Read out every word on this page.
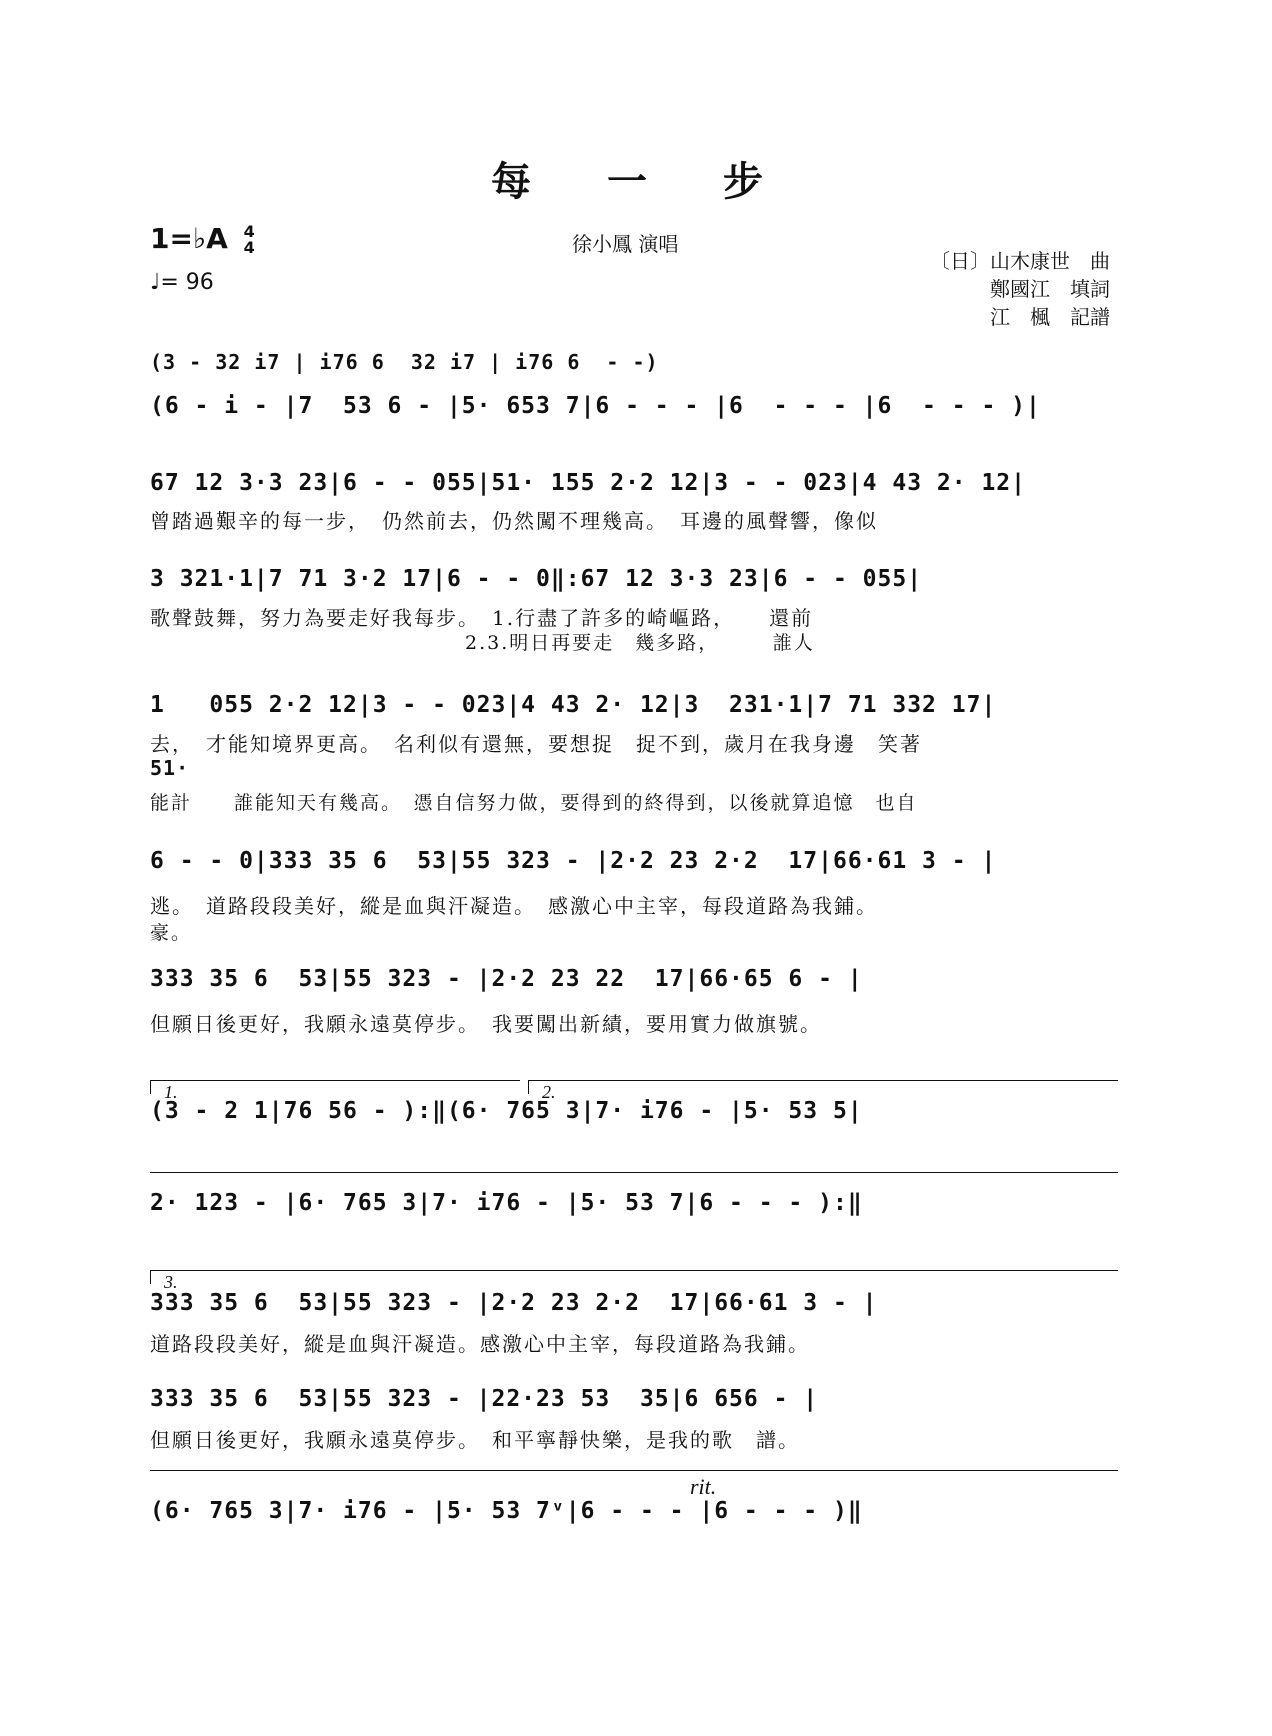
每　一　步
1=♭A 4
4
♩= 96
徐小鳳 演唱
〔日〕山木康世　曲
鄭國江　填詞
江　楓　記譜
(3 - 32 i7 | i76 6  32 i7 | i76 6  - -)
(6 - i - |7  53 6 - |5· 653 7|6 - - - |6  - - - |6  - - - )|
67 12 3·3 23|6 - - 055|51· 155 2·2 12|3 - - 023|4 43 2· 12|
曾踏過艱辛的每一步，　仍然前去，仍然闖不理幾高。　耳邊的風聲響，像似
3 321·1|7 71 3·2 17|6 - - 0‖:67 12 3·3 23|6 - - 055|
歌聲鼓舞，努力為要走好我每步。　1.行盡了許多的崎嶇路，　　還前
　　　　　　　　　　　　　　　2.3.明日再要走　幾多路，　　　誰人
1   055 2·2 12|3 - - 023|4 43 2· 12|3  231·1|7 71 332 17|
去，　才能知境界更高。　名利似有還無，要想捉　捉不到，歲月在我身邊　笑著
51·
能計　　誰能知天有幾高。　憑自信努力做，要得到的終得到，以後就算追憶　也自
6 - - 0|333 35 6  53|55 323 - |2·2 23 2·2  17|66·61 3 - |
逃。　道路段段美好，縱是血與汗凝造。　感激心中主宰，每段道路為我鋪。
豪。
333 35 6  53|55 323 - |2·2 23 22  17|66·65 6 - |
但願日後更好，我願永遠莫停步。　我要闖出新績，要用實力做旗號。
(3 - 2 1|76 56 - ):‖(6· 765 3|7· i76 - |5· 53 5|
2· 123 - |6· 765 3|7· i76 - |5· 53 7|6 - - - ):‖
333 35 6  53|55 323 - |2·2 23 2·2  17|66·61 3 - |
道路段段美好，縱是血與汗凝造。感激心中主宰，每段道路為我鋪。
333 35 6  53|55 323 - |22·23 53  35|6 656 - |
但願日後更好，我願永遠莫停步。　和平寧靜快樂，是我的歌　譜。
(6· 765 3|7· i76 - |5· 53 7ᵛ|6 - - - |6 - - - )‖
1.	2.
3.
rit.
